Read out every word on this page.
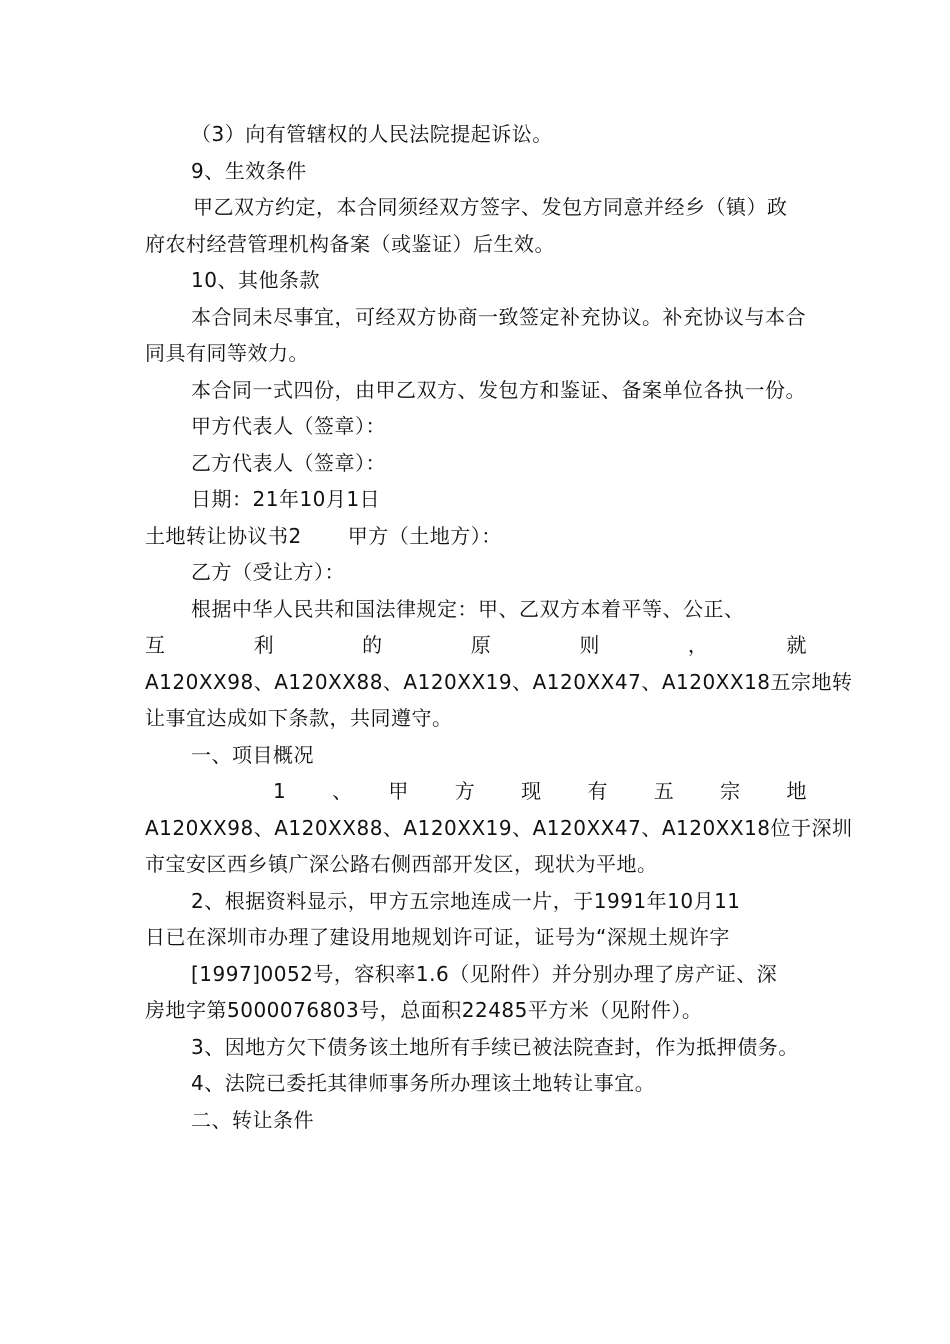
（3）向有管辖权的人民法院提起诉讼。

9、生效条件

甲乙双方约定，本合同须经双方签字、发包方同意并经乡（镇）政府农村经营管理机构备案（或鉴证）后生效。

10、其他条款

本合同未尽事宜，可经双方协商一致签定补充协议。补充协议与本合同具有同等效力。

本合同一式四份，由甲乙双方、发包方和鉴证、备案单位各执一份。

甲方代表人（签章）：

乙方代表人（签章）：

日期：21年10月1日

土地转让协议书2 甲方（土地方）：

乙方（受让方）：

根据中华人民共和国法律规定：甲、乙双方本着平等、公正、
互　　利　　的　　原　　则　　，　　就
A120XX98、A120XX88、A120XX19、A120XX47、A120XX18五宗地转
让事宜达成如下条款，共同遵守。

一、项目概况

1　　、　　甲　　方　　现　　有　　五　　宗　　地
A120XX98、A120XX88、A120XX19、A120XX47、A120XX18位于深圳
市宝安区西乡镇广深公路右侧西部开发区，现状为平地。
2、根据资料显示，甲方五宗地连成一片，于1991年10月11
日已在深圳市办理了建设用地规划许可证，证号为“深规土规许字
[1997]0052号，容积率1.6（见附件）并分别办理了房产证、深
房地字第5000076803号，总面积22485平方米（见附件）。

3、因地方欠下债务该土地所有手续已被法院查封，作为抵押债务。

4、法院已委托其律师事务所办理该土地转让事宜。

二、转让条件
